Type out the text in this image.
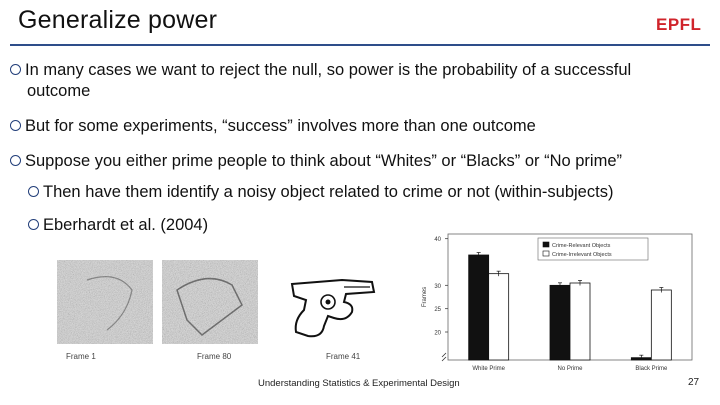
Generalize power	EPFL
In many cases we want to reject the null, so power is the probability of a successful
outcome
But for some experiments, “success” involves more than one outcome
Suppose you either prime people to think about “Whites” or “Blacks” or “No prime”
Then have them identify a noisy object related to crime or not (within-subjects)
Eberhardt et al. (2004)
Frame 1	Frame 80	Frame 41
20
25
30
40
Frames
White Prime	No Prime	Black Prime
Crime-Relevant Objects
Crime-Irrelevant Objects
Understanding Statistics & Experimental Design	27
